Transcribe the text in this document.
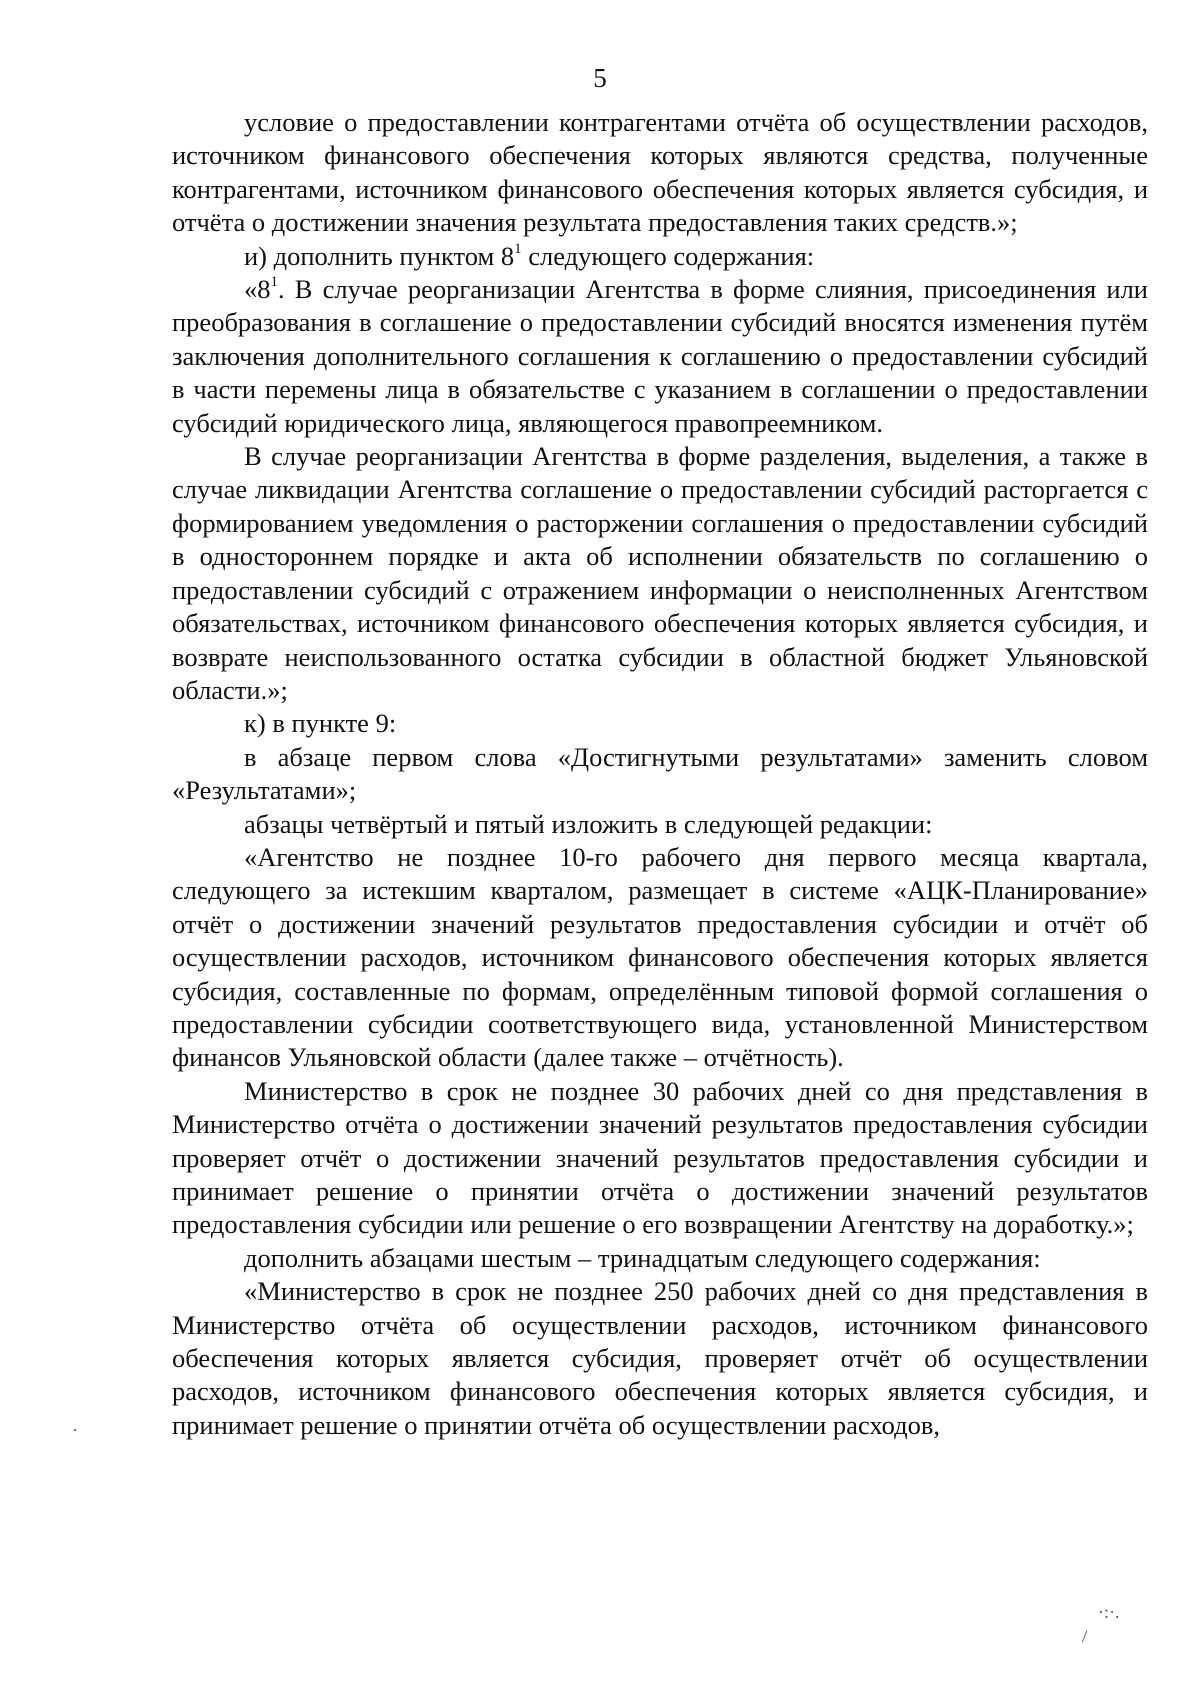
5

условие о предоставлении контрагентами отчёта об осуществлении расходов, источником финансового обеспечения которых являются средства, полученные контрагентами, источником финансового обеспечения которых является субсидия, и отчёта о достижении значения результата предоставления таких средств.»;

и) дополнить пунктом $8^1$ следующего содержания:

«$8^1$. В случае реорганизации Агентства в форме слияния, присоединения или преобразования в соглашение о предоставлении субсидий вносятся изменения путём заключения дополнительного соглашения к соглашению о предоставлении субсидий в части перемены лица в обязательстве с указанием в соглашении о предоставлении субсидий юридического лица, являющегося правопреемником.

В случае реорганизации Агентства в форме разделения, выделения, а также в случае ликвидации Агентства соглашение о предоставлении субсидий расторгается с формированием уведомления о расторжении соглашения о предоставлении субсидий в одностороннем порядке и акта об исполнении обязательств по соглашению о предоставлении субсидий с отражением информации о неисполненных Агентством обязательствах, источником финансового обеспечения которых является субсидия, и возврате неиспользованного остатка субсидии в областной бюджет Ульяновской области.»;

к) в пункте 9:

в абзаце первом слова «Достигнутыми результатами» заменить словом «Результатами»;

абзацы четвёртый и пятый изложить в следующей редакции:

«Агентство не позднее 10-го рабочего дня первого месяца квартала, следующего за истекшим кварталом, размещает в системе «АЦК-Планирование» отчёт о достижении значений результатов предоставления субсидии и отчёт об осуществлении расходов, источником финансового обеспечения которых является субсидия, составленные по формам, определённым типовой формой соглашения о предоставлении субсидии соответствующего вида, установленной Министерством финансов Ульяновской области (далее также – отчётность).

Министерство в срок не позднее 30 рабочих дней со дня представления в Министерство отчёта о достижении значений результатов предоставления субсидии проверяет отчёт о достижении значений результатов предоставления субсидии и принимает решение о принятии отчёта о достижении значений результатов предоставления субсидии или решение о его возвращении Агентству на доработку.»;

дополнить абзацами шестым – тринадцатым следующего содержания:

«Министерство в срок не позднее 250 рабочих дней со дня представления в Министерство отчёта об осуществлении расходов, источником финансового обеспечения которых является субсидия, проверяет отчёт об осуществлении расходов, источником финансового обеспечения которых является субсидия, и принимает решение о принятии отчёта об осуществлении расходов,

·:·.
\
·
